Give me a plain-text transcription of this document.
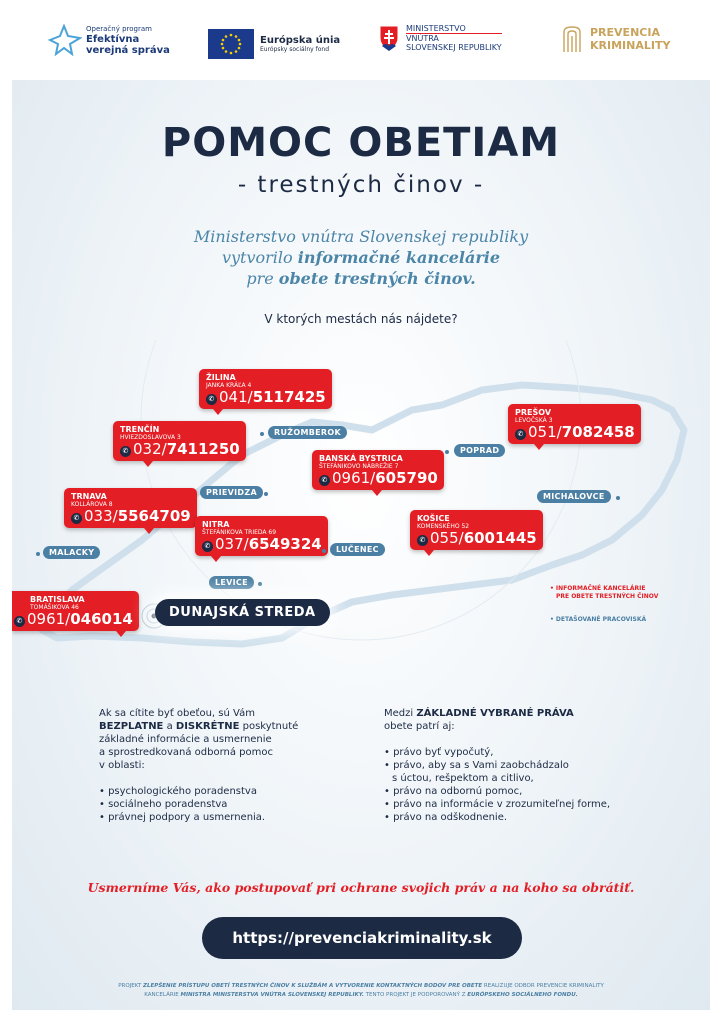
Operačný program
Efektívna
verejná správa
Európska únia
Európsky sociálny fond
MINISTERSTVO
VNÚTRA
SLOVENSKEJ REPUBLIKY
PREVENCIA
KRIMINALITY
POMOC OBETIAM
- trestných činov -
Ministerstvo vnútra Slovenskej republiky
vytvorilo informačné kancelárie
pre obete trestných činov.
V ktorých mestách nás nájdete?
ŽILINA
JANKA KRÁĽA 4
✆ 041/5117425
TRENČÍN
HVIEZDOSLAVOVA 3
✆ 032/7411250
TRNAVA
KOLLÁROVA 8
✆ 033/5564709 NITRA
ŠTEFÁNIKOVA TRIEDA 69
✆ 037/6549324
BANSKÁ BYSTRICA
ŠTEFÁNIKOVO NÁBREŽIE 7
✆ 0961/605790
PREŠOV
LEVOČSKÁ 3
✆ 051/7082458
KOŠICE
KOMENSKÉHO 52
✆ 055/6001445
BRATISLAVA
TOMÁŠIKOVA 46
✆ 0961/046014
RUŽOMBEROK
POPRAD
PRIEVIDZA	MICHALOVCE
MALACKY	LUČENEC
LEVICE
DUNAJSKÁ STREDA
• INFORMAČNÉ KANCELÁRIE
PRE OBETE TRESTNÝCH ČINOV
• DETAŠOVANÉ PRACOVISKÁ
Ak sa cítite byť obeťou, sú Vám
BEZPLATNE a DISKRÉTNE poskytnuté
základné informácie a usmernenie
a sprostredkovaná odborná pomoc
v oblasti:
• psychologického poradenstva
• sociálneho poradenstva
• právnej podpory a usmernenia.
Medzi ZÁKLADNÉ VYBRANÉ PRÁVA
obete patrí aj:
• právo byť vypočutý,
• právo, aby sa s Vami zaobchádzalo
s úctou, rešpektom a citlivo,
• právo na odbornú pomoc,
• právo na informácie v zrozumiteľnej forme,
• právo na odškodnenie.
Usmerníme Vás, ako postupovať pri ochrane svojich práv a na koho sa obrátiť.
https://prevenciakriminality.sk
PROJEKT ZLEPŠENIE PRÍSTUPU OBETÍ TRESTNÝCH ČINOV K SLUŽBÁM A VYTVORENIE KONTAKTNÝCH BODOV PRE OBETE REALIZUJE ODBOR PREVENCIE KRIMINALITY
KANCELÁRIE MINISTRA MINISTERSTVA VNÚTRA SLOVENSKEJ REPUBLIKY. TENTO PROJEKT JE PODPOROVANÝ Z EURÓPSKEHO SOCIÁLNEHO FONDU.
